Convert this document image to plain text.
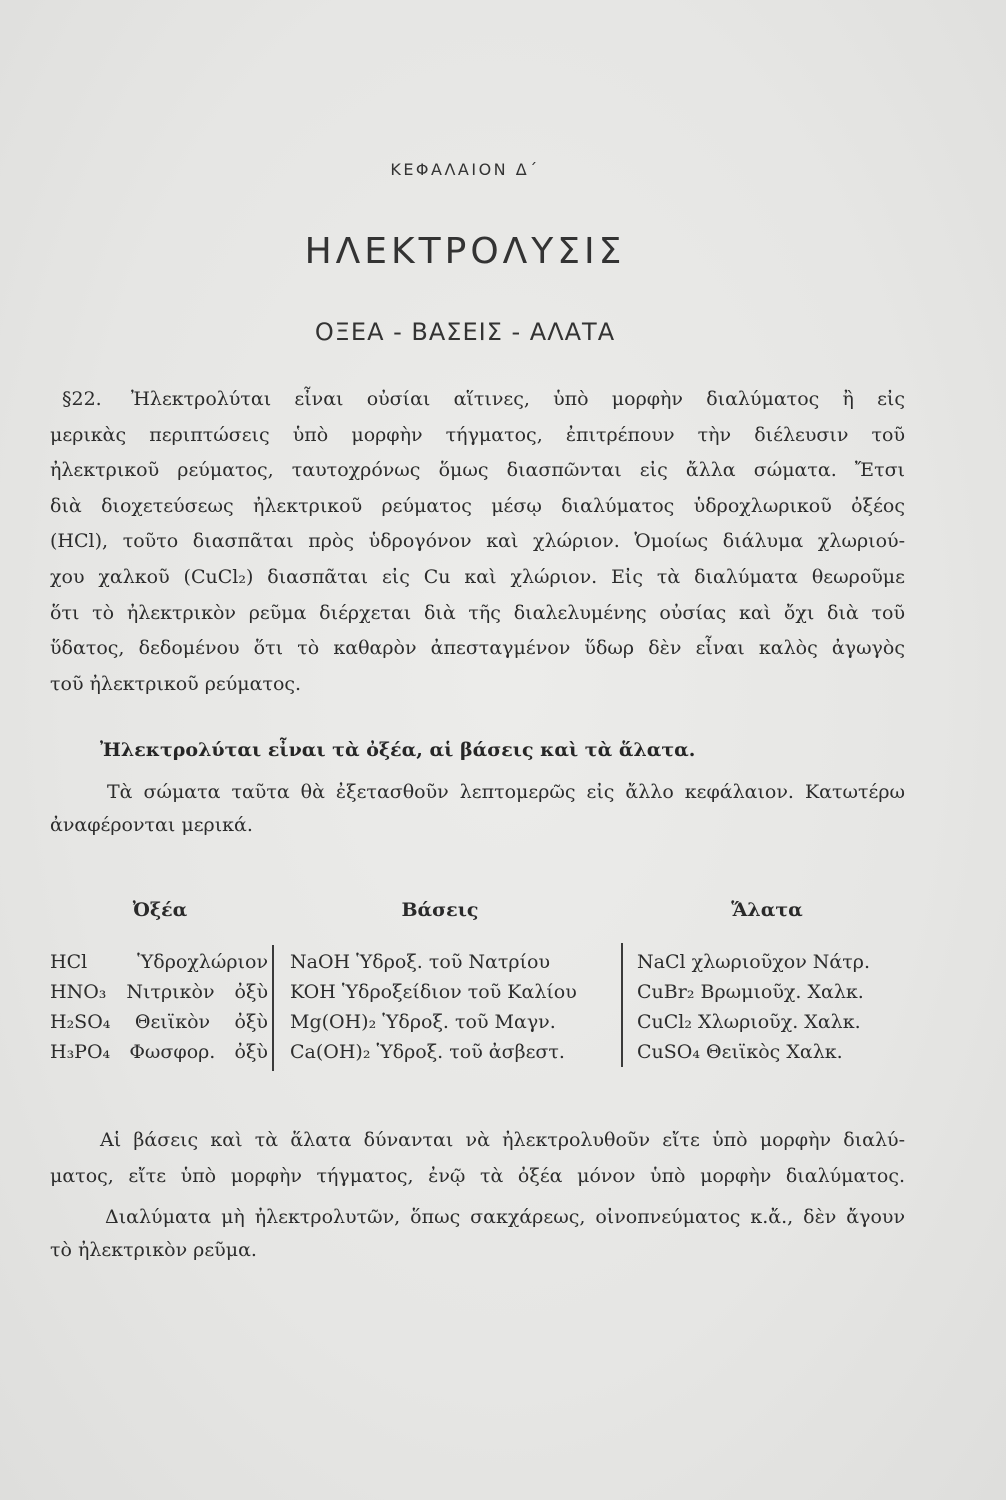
ΚΕΦΑΛΑΙΟΝ Δ΄
ΗΛΕΚΤΡΟΛΥΣΙΣ
ΟΞΕΑ - ΒΑΣΕΙΣ - ΑΛΑΤΑ
§22. Ἠλεκτρολύται εἶναι οὐσίαι αἵτινες, ὑπὸ μορφὴν διαλύματος ἢ εἰς
μερικὰς περιπτώσεις ὑπὸ μορφὴν τήγματος, ἐπιτρέπουν τὴν διέλευσιν τοῦ
ἠλεκτρικοῦ ρεύματος, ταυτοχρόνως ὅμως διασπῶνται εἰς ἄλλα σώματα. Ἔτσι
διὰ διοχετεύσεως ἠλεκτρικοῦ ρεύματος μέσῳ διαλύματος ὑδροχλωρικοῦ ὀξέος
(HCl), τοῦτο διασπᾶται πρὸς ὑδρογόνον καὶ χλώριον. Ὁμοίως διάλυμα χλωριού-
χου χαλκοῦ (CuCl₂) διασπᾶται εἰς Cu καὶ χλώριον. Εἰς τὰ διαλύματα θεωροῦμε
ὅτι τὸ ἠλεκτρικὸν ρεῦμα διέρχεται διὰ τῆς διαλελυμένης οὐσίας καὶ ὄχι διὰ τοῦ
ὕδατος, δεδομένου ὅτι τὸ καθαρὸν ἀπεσταγμένον ὕδωρ δὲν εἶναι καλὸς ἀγωγὸς
τοῦ ἠλεκτρικοῦ ρεύματος.
Ἠλεκτρολύται εἶναι τὰ ὀξέα, αἱ βάσεις καὶ τὰ ἅλατα.
Τὰ σώματα ταῦτα θὰ ἐξετασθοῦν λεπτομερῶς εἰς ἄλλο κεφάλαιον. Κατωτέρω
ἀναφέρονται μερικά.
Ὀξέα	Βάσεις	Ἅλατα
HCl Ὑδροχλώριον
HNO₃ Νιτρικὸν ὀξὺ
H₂SO₄ Θειϊκὸν ὀξὺ
H₃PO₄ Φωσφορ. ὀξὺ
NaOH Ὑδροξ. τοῦ Νατρίου
KOH Ὑδροξείδιον τοῦ Καλίου
Mg(OH)₂ Ὑδροξ. τοῦ Μαγν.
Ca(OH)₂ Ὑδροξ. τοῦ ἀσβεστ.
NaCl χλωριοῦχον Νάτρ.
CuBr₂ Βρωμιοῦχ. Χαλκ.
CuCl₂ Χλωριοῦχ. Χαλκ.
CuSO₄ Θειϊκὸς Χαλκ.
Αἱ βάσεις καὶ τὰ ἅλατα δύνανται νὰ ἠλεκτρολυθοῦν εἴτε ὑπὸ μορφὴν διαλύ-
ματος, εἴτε ὑπὸ μορφὴν τήγματος, ἐνῷ τὰ ὀξέα μόνον ὑπὸ μορφὴν διαλύματος.
Διαλύματα μὴ ἠλεκτρολυτῶν, ὅπως σακχάρεως, οἰνοπνεύματος κ.ἄ., δὲν ἄγουν
τὸ ἠλεκτρικὸν ρεῦμα.
